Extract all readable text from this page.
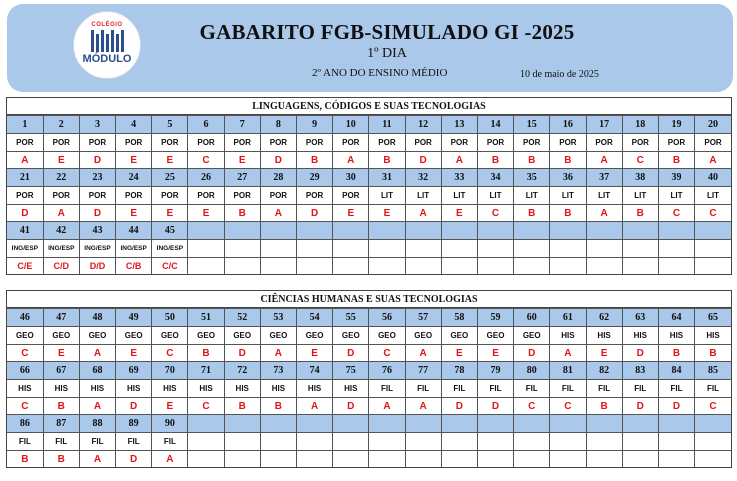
COLÉGIO
MÓDULO
GABARITO FGB-SIMULADO GI -2025
1º DIA
2º ANO DO ENSINO MÉDIO	10 de maio de 2025
LINGUAGENS, CÓDIGOS E SUAS TECNOLOGIAS
1	2	3	4	5	6	7	8	9	10	11	12	13	14	15	16	17	18	19	20
POR	POR	POR	POR	POR	POR	POR	POR	POR	POR	POR	POR	POR	POR	POR	POR	POR	POR	POR	POR
A	E	D	E	E	C	E	D	B	A	B	D	A	B	B	B	A	C	B	A
21	22	23	24	25	26	27	28	29	30	31	32	33	34	35	36	37	38	39	40
POR	POR	POR	POR	POR	POR	POR	POR	POR	POR	LIT	LIT	LIT	LIT	LIT	LIT	LIT	LIT	LIT	LIT
D	A	D	E	E	E	B	A	D	E	E	A	E	C	B	B	A	B	C	C
41	42	43	44	45															
ING/ESP	ING/ESP	ING/ESP	ING/ESP	ING/ESP															
C/E	C/D	D/D	C/B	C/C															
CIÊNCIAS HUMANAS E SUAS TECNOLOGIAS
46	47	48	49	50	51	52	53	54	55	56	57	58	59	60	61	62	63	64	65
GEO	GEO	GEO	GEO	GEO	GEO	GEO	GEO	GEO	GEO	GEO	GEO	GEO	GEO	GEO	HIS	HIS	HIS	HIS	HIS
C	E	A	E	C	B	D	A	E	D	C	A	E	E	D	A	E	D	B	B
66	67	68	69	70	71	72	73	74	75	76	77	78	79	80	81	82	83	84	85
HIS	HIS	HIS	HIS	HIS	HIS	HIS	HIS	HIS	HIS	FIL	FIL	FIL	FIL	FIL	FIL	FIL	FIL	FIL	FIL
C	B	A	D	E	C	B	B	A	D	A	A	D	D	C	C	B	D	D	C
86	87	88	89	90															
FIL	FIL	FIL	FIL	FIL															
B	B	A	D	A															
